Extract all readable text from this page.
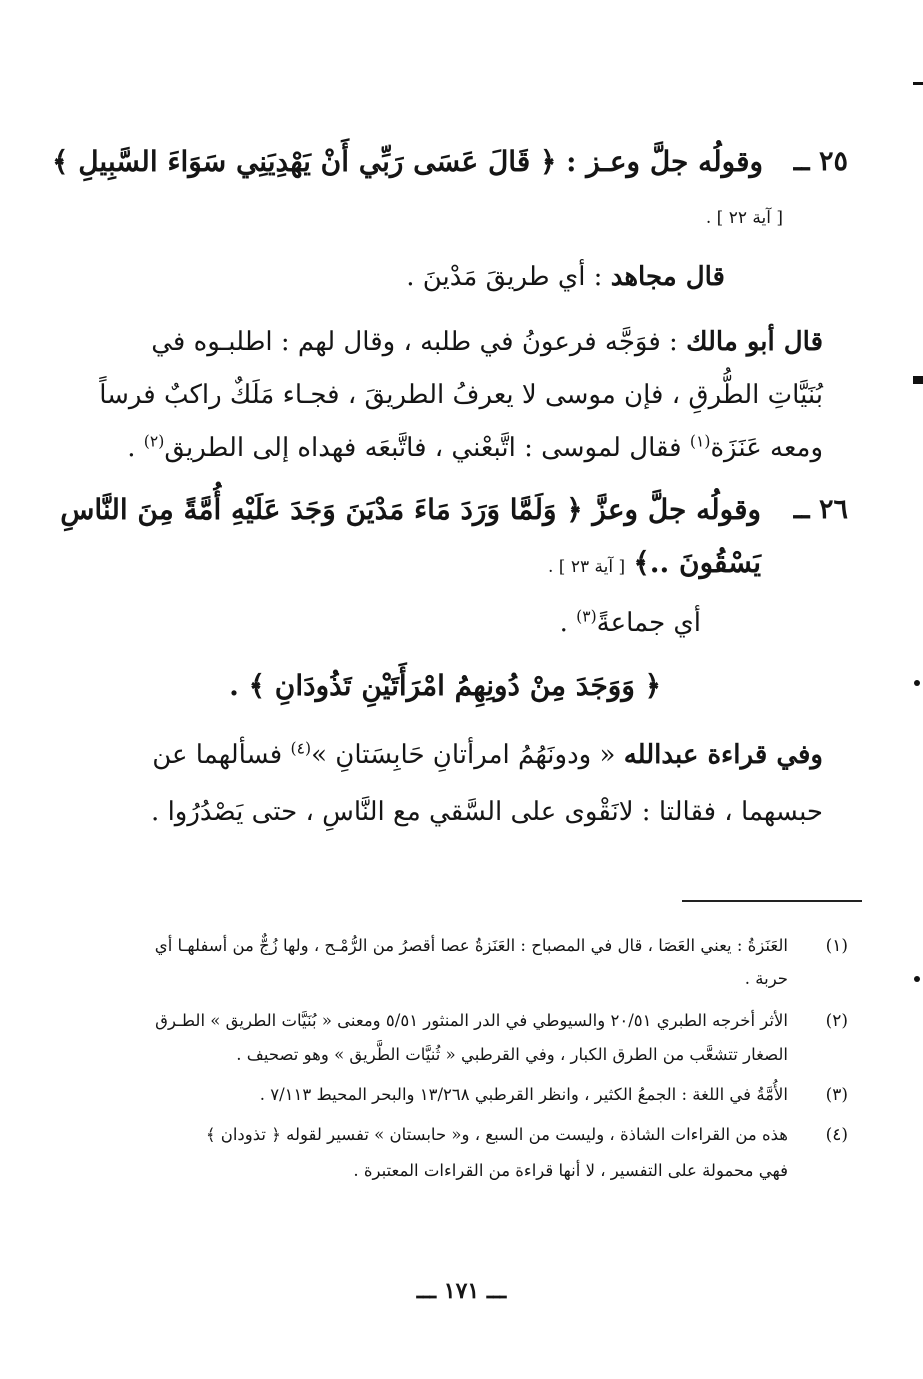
٢٥ ــ
وقولُه جلَّ وعـز : ﴿ قَالَ عَسَى رَبِّي أَنْ يَهْدِيَنِي سَوَاءَ السَّبِيلِ ﴾
[ آية ٢٢ ] .
قال مجاهد : أي طريقَ مَدْينَ .
قال أبو مالك : فوَجَّه فرعونُ في طلبه ، وقال لهم : اطلبـوه في
بُنَيَّاتِ الطُّرقِ ، فإن موسى لا يعرفُ الطريقَ ، فجـاء مَلَكٌ راكبٌ فرساً
ومعه عَنَزَة$^{(١)}$ فقال لموسى : اتَّبعْني ، فاتَّبعَه فهداه إلى الطريق$^{(٢)}$ .
٢٦ ــ
وقولُه جلَّ وعزَّ ﴿ وَلَمَّا وَرَدَ مَاءَ مَدْيَنَ وَجَدَ عَلَيْهِ أُمَّةً مِنَ النَّاسِ
يَسْقُونَ ..﴾ [ آية ٢٣ ] .
أي جماعةً$^{(٣)}$ .
﴿ وَوَجَدَ مِنْ دُونِهِمُ امْرَأَتَيْنِ تَذُودَانِ ﴾ .
وفي قراءة عبدالله « ودونَهُمُ امرأتانِ حَابِسَتانِ »$^{(٤)}$ فسألهما عن
حبسهما ، فقالتا : لانَقْوى على السَّقي مع النَّاسِ ، حتى يَصْدُرُوا .
(١)
العَنَزةُ : يعني العَصَا ، قال في المصباح : العَنَزةُ عصا أقصرُ من الرُّمْـح ، ولها زُجٌّ من أسفلهـا أي
حربة .
(٢)
الأثر أخرجه الطبري ٢٠/٥١ والسيوطي في الدر المنثور ٥/٥١ ومعنى « بُنَيَّات الطريق » الطـرق
الصغار تتشعَّب من الطرق الكبار ، وفي القرطبي « ثُنيَّات الطَّريق » وهو تصحيف .
(٣)
الأُمَّةُ في اللغة : الجمعُ الكثير ، وانظر القرطبي ١٣/٢٦٨ والبحر المحيط ٧/١١٣ .
(٤)
هذه من القراءات الشاذة ، وليست من السبع ، و« حابستان » تفسير لقوله ﴿ تذودان ﴾
فهي محمولة على التفسير ، لا أنها قراءة من القراءات المعتبرة .
ـــ ١٧١ ـــ
